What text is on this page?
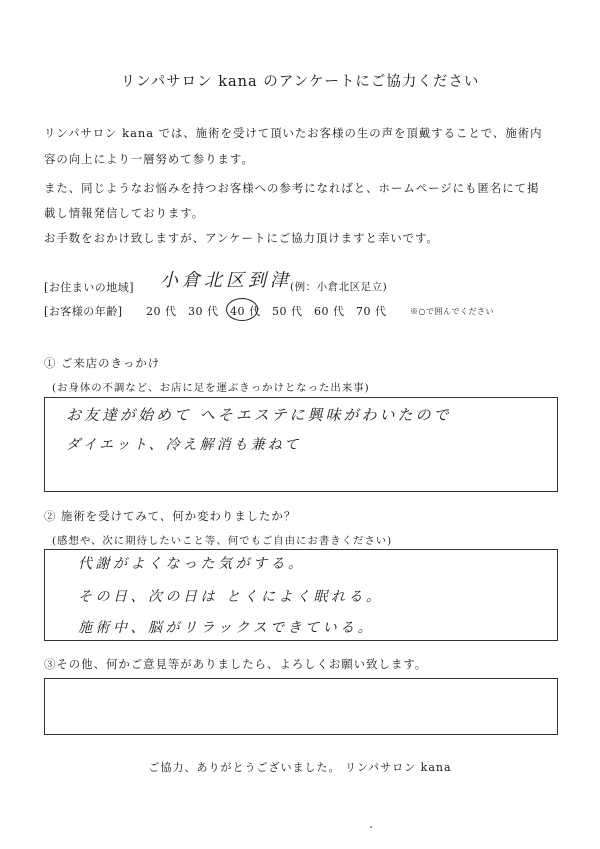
リンパサロン kana のアンケートにご協力ください
リンパサロン kana では、施術を受けて頂いたお客様の生の声を頂戴することで、施術内
容の向上により一層努めて参ります。
また、同じようなお悩みを持つお客様への参考になればと、ホームページにも匿名にて掲
載し情報発信しております。
お手数をおかけ致しますが、アンケートにご協力頂けますと幸いです。
[お住まいの地域] 小倉北区到津
(例：小倉北区足立)
[お客様の年齢] 20 代 30 代 40 代 50 代 60 代 70 代	※○で囲んでください
① ご来店のきっかけ
(お身体の不調など、お店に足を運ぶきっかけとなった出来事)
お友達が始めて へそエステに興味がわいたので
ダイエット、冷え解消も兼ねて
② 施術を受けてみて、何か変わりましたか？
(感想や、次に期待したいこと等、何でもご自由にお書きください)
代謝がよくなった気がする。
その日、次の日は とくによく眠れる。
施術中、脳がリラックスできている。
③その他、何かご意見等がありましたら、よろしくお願い致します。
ご協力、ありがとうございました。 リンパサロン kana
